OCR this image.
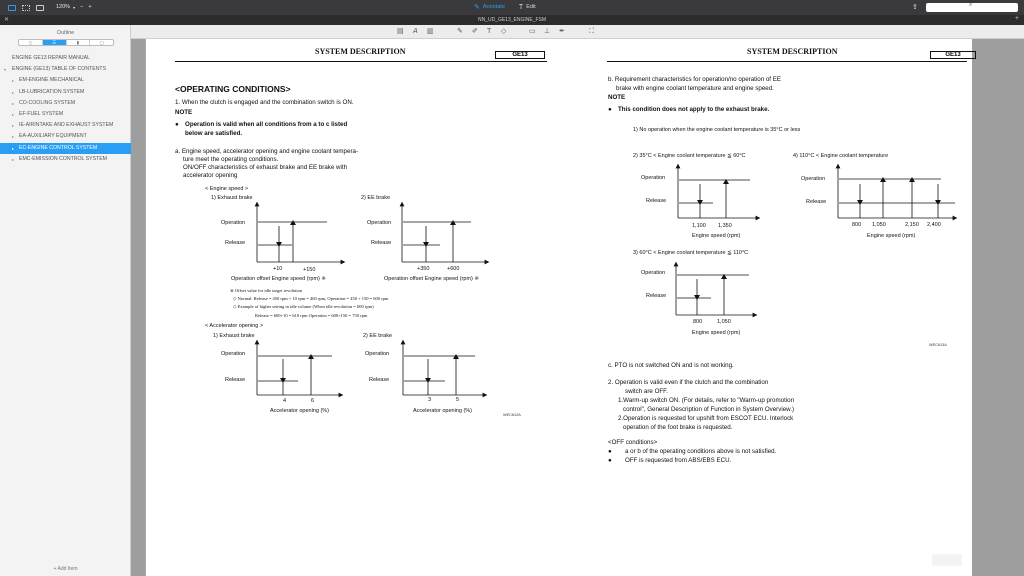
120% ▾ − +	✎ Annotate T Edit	⇪	⌕
✕	NN_UD_GE13_ENGINE_FSM	+
Outline
▯	☰	▮	▢
ENGINE GE13 REPAIR MANUAL
▾ ENGINE (GE13) TABLE OF CONTENTS
▸ EM-ENGINE MECHANICAL
▸ LB-LUBRICATION SYSTEM
▸ CO-COOLING SYSTEM
▸ EF-FUEL SYSTEM
▸ IE-AIRINTAKE AND EXHAUST SYSTEM
▸ EA-AUXILIARY EQUIPMENT
▸ EC-ENGINE CONTROL SYSTEM
▸ EMC-EMISSION CONTROL SYSTEM
+ Add Item
▤ A ▥	✎ ✐ T ◇	▭ ⊥ ✒	⛶
SYSTEM DESCRIPTION	GE13
<OPERATING CONDITIONS>
1. When the clutch is engaged and the combination switch is ON.
NOTE
● Operation is valid when all conditions from a to c listed
below are satisfied.
a. Engine speed, accelerator opening and engine coolant tempera-
ture meet the operating conditions.
ON/OFF characteristics of exhaust brake and EE brake with
accelerator opening
< Engine speed >
1) Exhaust brake	2) EE brake
Operation
Release
Operation
Release
+10	+150	+350	+600
Operation offset Engine speed (rpm) ※	Operation offset Engine speed (rpm) ※
※ Offset value for idle target revolution
◇ Normal: Release = 450 rpm + 10 rpm = 460 rpm, Operation = 450 + 150 = 600 rpm
◇ Example of higher setting in idle volume (When idle revolution = 600 rpm)
Release = 600+10 = 610 rpm Operation = 600+150 = 750 rpm
< Accelerator opening >
1) Exhaust brake	2) EE brake
Operation
Release
Operation
Release
4	6	3	5
Accelerator opening (%)	Accelerator opening (%)
WEC612A
SYSTEM DESCRIPTION	GE13
b. Requirement characteristics for operation/no operation of EE
brake with engine coolant temperature and engine speed.
NOTE
● This condition does not apply to the exhaust brake.
1) No operation when the engine coolant temperature is 35°C or less
2) 35°C < Engine coolant temperature ≦ 60°C	4) 110°C < Engine coolant temperature
3) 60°C < Engine coolant temperature ≦ 110°C
Operation
Release
Operation
Release
Operation
Release
1,100 1,350
Engine speed (rpm)
800 1,050	2,150 2,400
Engine speed (rpm)
800	1,050
Engine speed (rpm)
WEC613A
c. PTO is not switched ON and is not working.
2. Operation is valid even if the clutch and the combination
switch are OFF.
1.Warm-up switch ON. (For details, refer to "Warm-up promotion
control", General Description of Function in System Overview.)
2.Operation is requested for upshift from ESCOT ECU. Interlock
operation of the foot brake is requested.
<OFF conditions>
● a or b of the operating conditions above is not satisfied.
● OFF is requested from ABS/EBS ECU.
